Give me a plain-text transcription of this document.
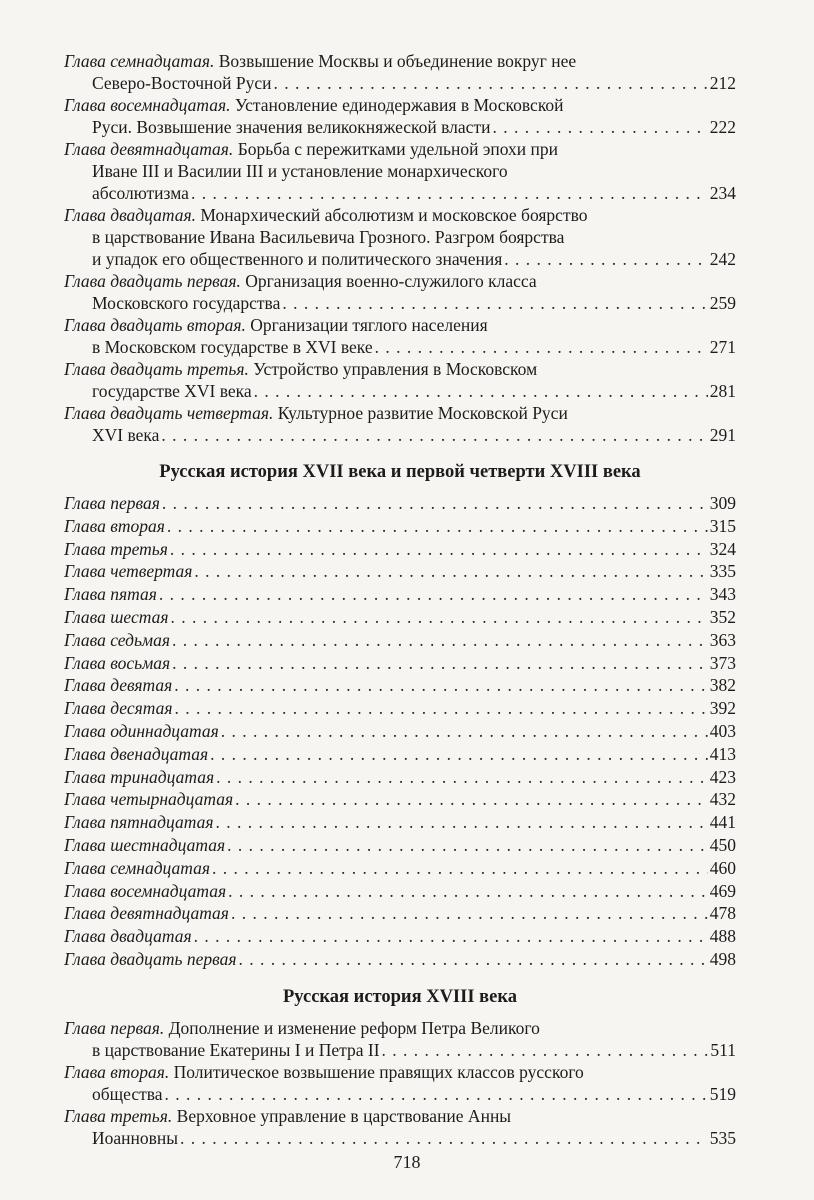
Глава семнадцатая. Возвышение Москвы и объединение вокруг нее
Северо-Восточной Руси . . .	212
Глава восемнадцатая. Установление единодержавия в Московской
Руси. Возвышение значения великокняжеской власти . . .	222
Глава девятнадцатая. Борьба с пережитками удельной эпохи при
Иване III и Василии III и установление монархического
абсолютизма . . .	234
Глава двадцатая. Монархический абсолютизм и московское боярство
в царствование Ивана Васильевича Грозного. Разгром боярства
и упадок его общественного и политического значения . . .	242
Глава двадцать первая. Организация военно-служилого класса
Московского государства . . .	259
Глава двадцать вторая. Организации тяглого населения
в Московском государстве в XVI веке . . .	271
Глава двадцать третья. Устройство управления в Московском
государстве XVI века . . .	281
Глава двадцать четвертая. Культурное развитие Московской Руси
XVI века . . .	291
Русская история XVII века и первой четверти XVIII века
Глава первая . . .	309
Глава вторая . . .	315
Глава третья . . .	324
Глава четвертая . . .	335
Глава пятая . . .	343
Глава шестая . . .	352
Глава седьмая . . .	363
Глава восьмая . . .	373
Глава девятая . . .	382
Глава десятая . . .	392
Глава одиннадцатая . . .	403
Глава двенадцатая . . .	413
Глава тринадцатая . . .	423
Глава четырнадцатая . . .	432
Глава пятнадцатая . . .	441
Глава шестнадцатая . . .	450
Глава семнадцатая . . .	460
Глава восемнадцатая . . .	469
Глава девятнадцатая . . .	478
Глава двадцатая . . .	488
Глава двадцать первая . . .	498
Русская история XVIII века
Глава первая. Дополнение и изменение реформ Петра Великого
в царствование Екатерины I и Петра II . . .	511
Глава вторая. Политическое возвышение правящих классов русского
общества . . .	519
Глава третья. Верховное управление в царствование Анны
Иоанновны . . .	535
718
